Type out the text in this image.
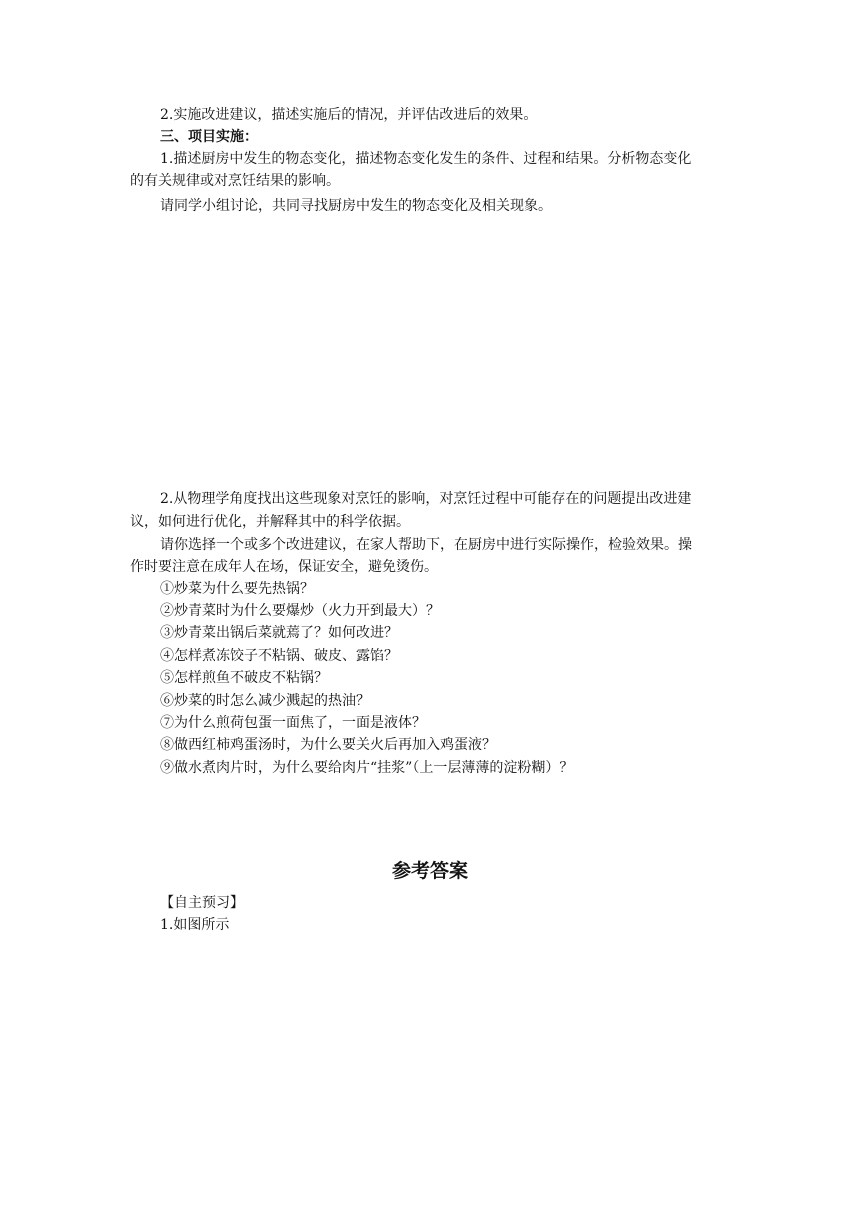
2.实施改进建议，描述实施后的情况，并评估改进后的效果。
三、项目实施：
1.描述厨房中发生的物态变化，描述物态变化发生的条件、过程和结果。分析物态变化
的有关规律或对烹饪结果的影响。
请同学小组讨论，共同寻找厨房中发生的物态变化及相关现象。
2.从物理学角度找出这些现象对烹饪的影响，对烹饪过程中可能存在的问题提出改进建
议，如何进行优化，并解释其中的科学依据。
请你选择一个或多个改进建议，在家人帮助下，在厨房中进行实际操作，检验效果。操
作时要注意在成年人在场，保证安全，避免烫伤。
①炒菜为什么要先热锅？
②炒青菜时为什么要爆炒（火力开到最大）？
③炒青菜出锅后菜就蔫了？如何改进？
④怎样煮冻饺子不粘锅、破皮、露馅？
⑤怎样煎鱼不破皮不粘锅？
⑥炒菜的时怎么减少溅起的热油？
⑦为什么煎荷包蛋一面焦了，一面是液体？
⑧做西红柿鸡蛋汤时，为什么要关火后再加入鸡蛋液？
⑨做水煮肉片时，为什么要给肉片“挂浆”（上一层薄薄的淀粉糊）？
参考答案
【自主预习】
1.如图所示
